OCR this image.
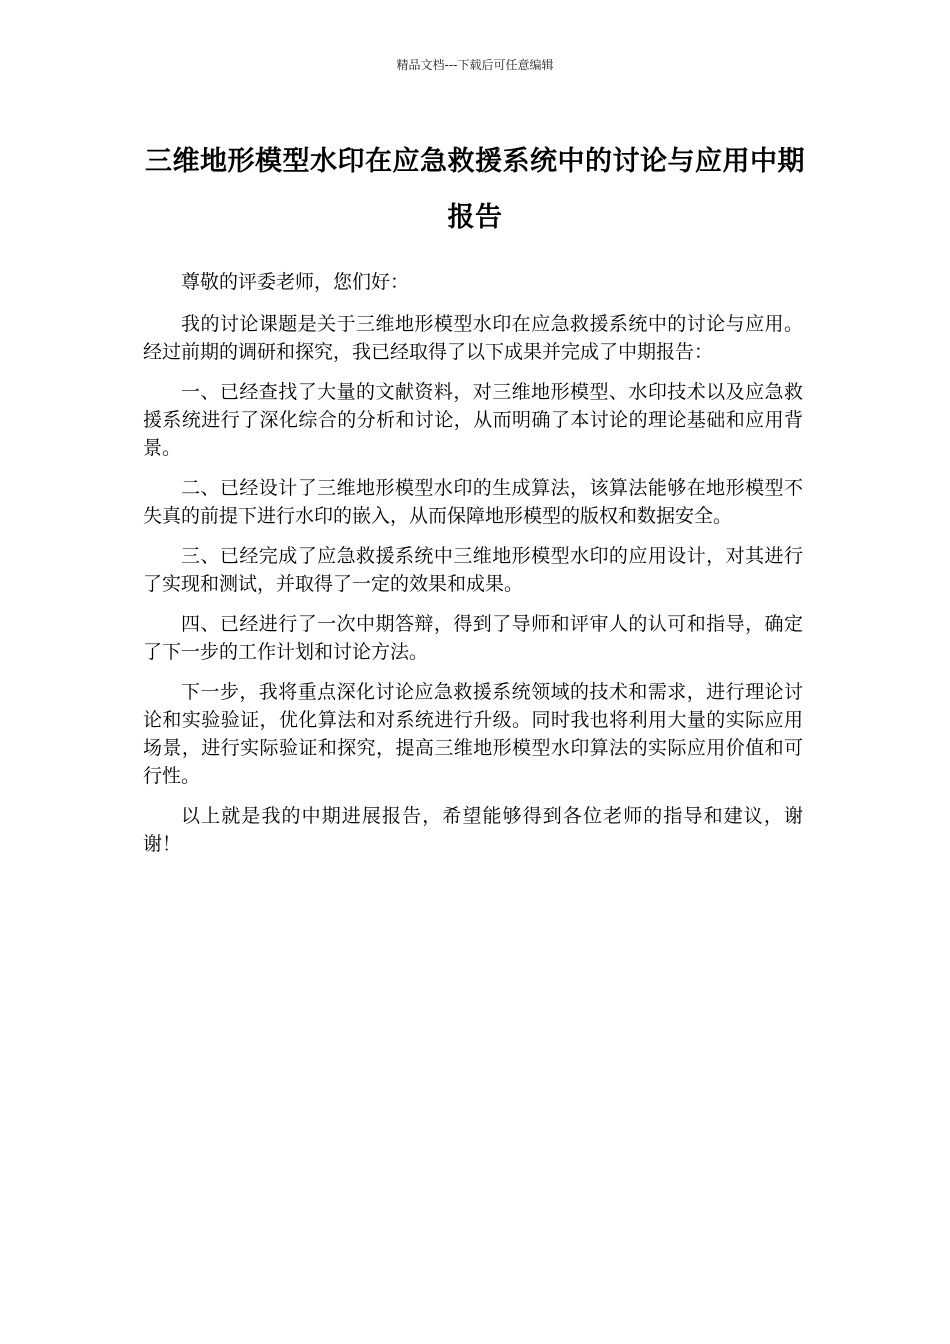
精品文档---下载后可任意编辑
三维地形模型水印在应急救援系统中的讨论与应用中期报告

尊敬的评委老师，您们好：

我的讨论课题是关于三维地形模型水印在应急救援系统中的讨论与应用。经过前期的调研和探究，我已经取得了以下成果并完成了中期报告：

一、已经查找了大量的文献资料，对三维地形模型、水印技术以及应急救援系统进行了深化综合的分析和讨论，从而明确了本讨论的理论基础和应用背景。

二、已经设计了三维地形模型水印的生成算法，该算法能够在地形模型不失真的前提下进行水印的嵌入，从而保障地形模型的版权和数据安全。

三、已经完成了应急救援系统中三维地形模型水印的应用设计，对其进行了实现和测试，并取得了一定的效果和成果。

四、已经进行了一次中期答辩，得到了导师和评审人的认可和指导，确定了下一步的工作计划和讨论方法。

下一步，我将重点深化讨论应急救援系统领域的技术和需求，进行理论讨论和实验验证，优化算法和对系统进行升级。同时我也将利用大量的实际应用场景，进行实际验证和探究，提高三维地形模型水印算法的实际应用价值和可行性。

以上就是我的中期进展报告，希望能够得到各位老师的指导和建议，谢谢！
